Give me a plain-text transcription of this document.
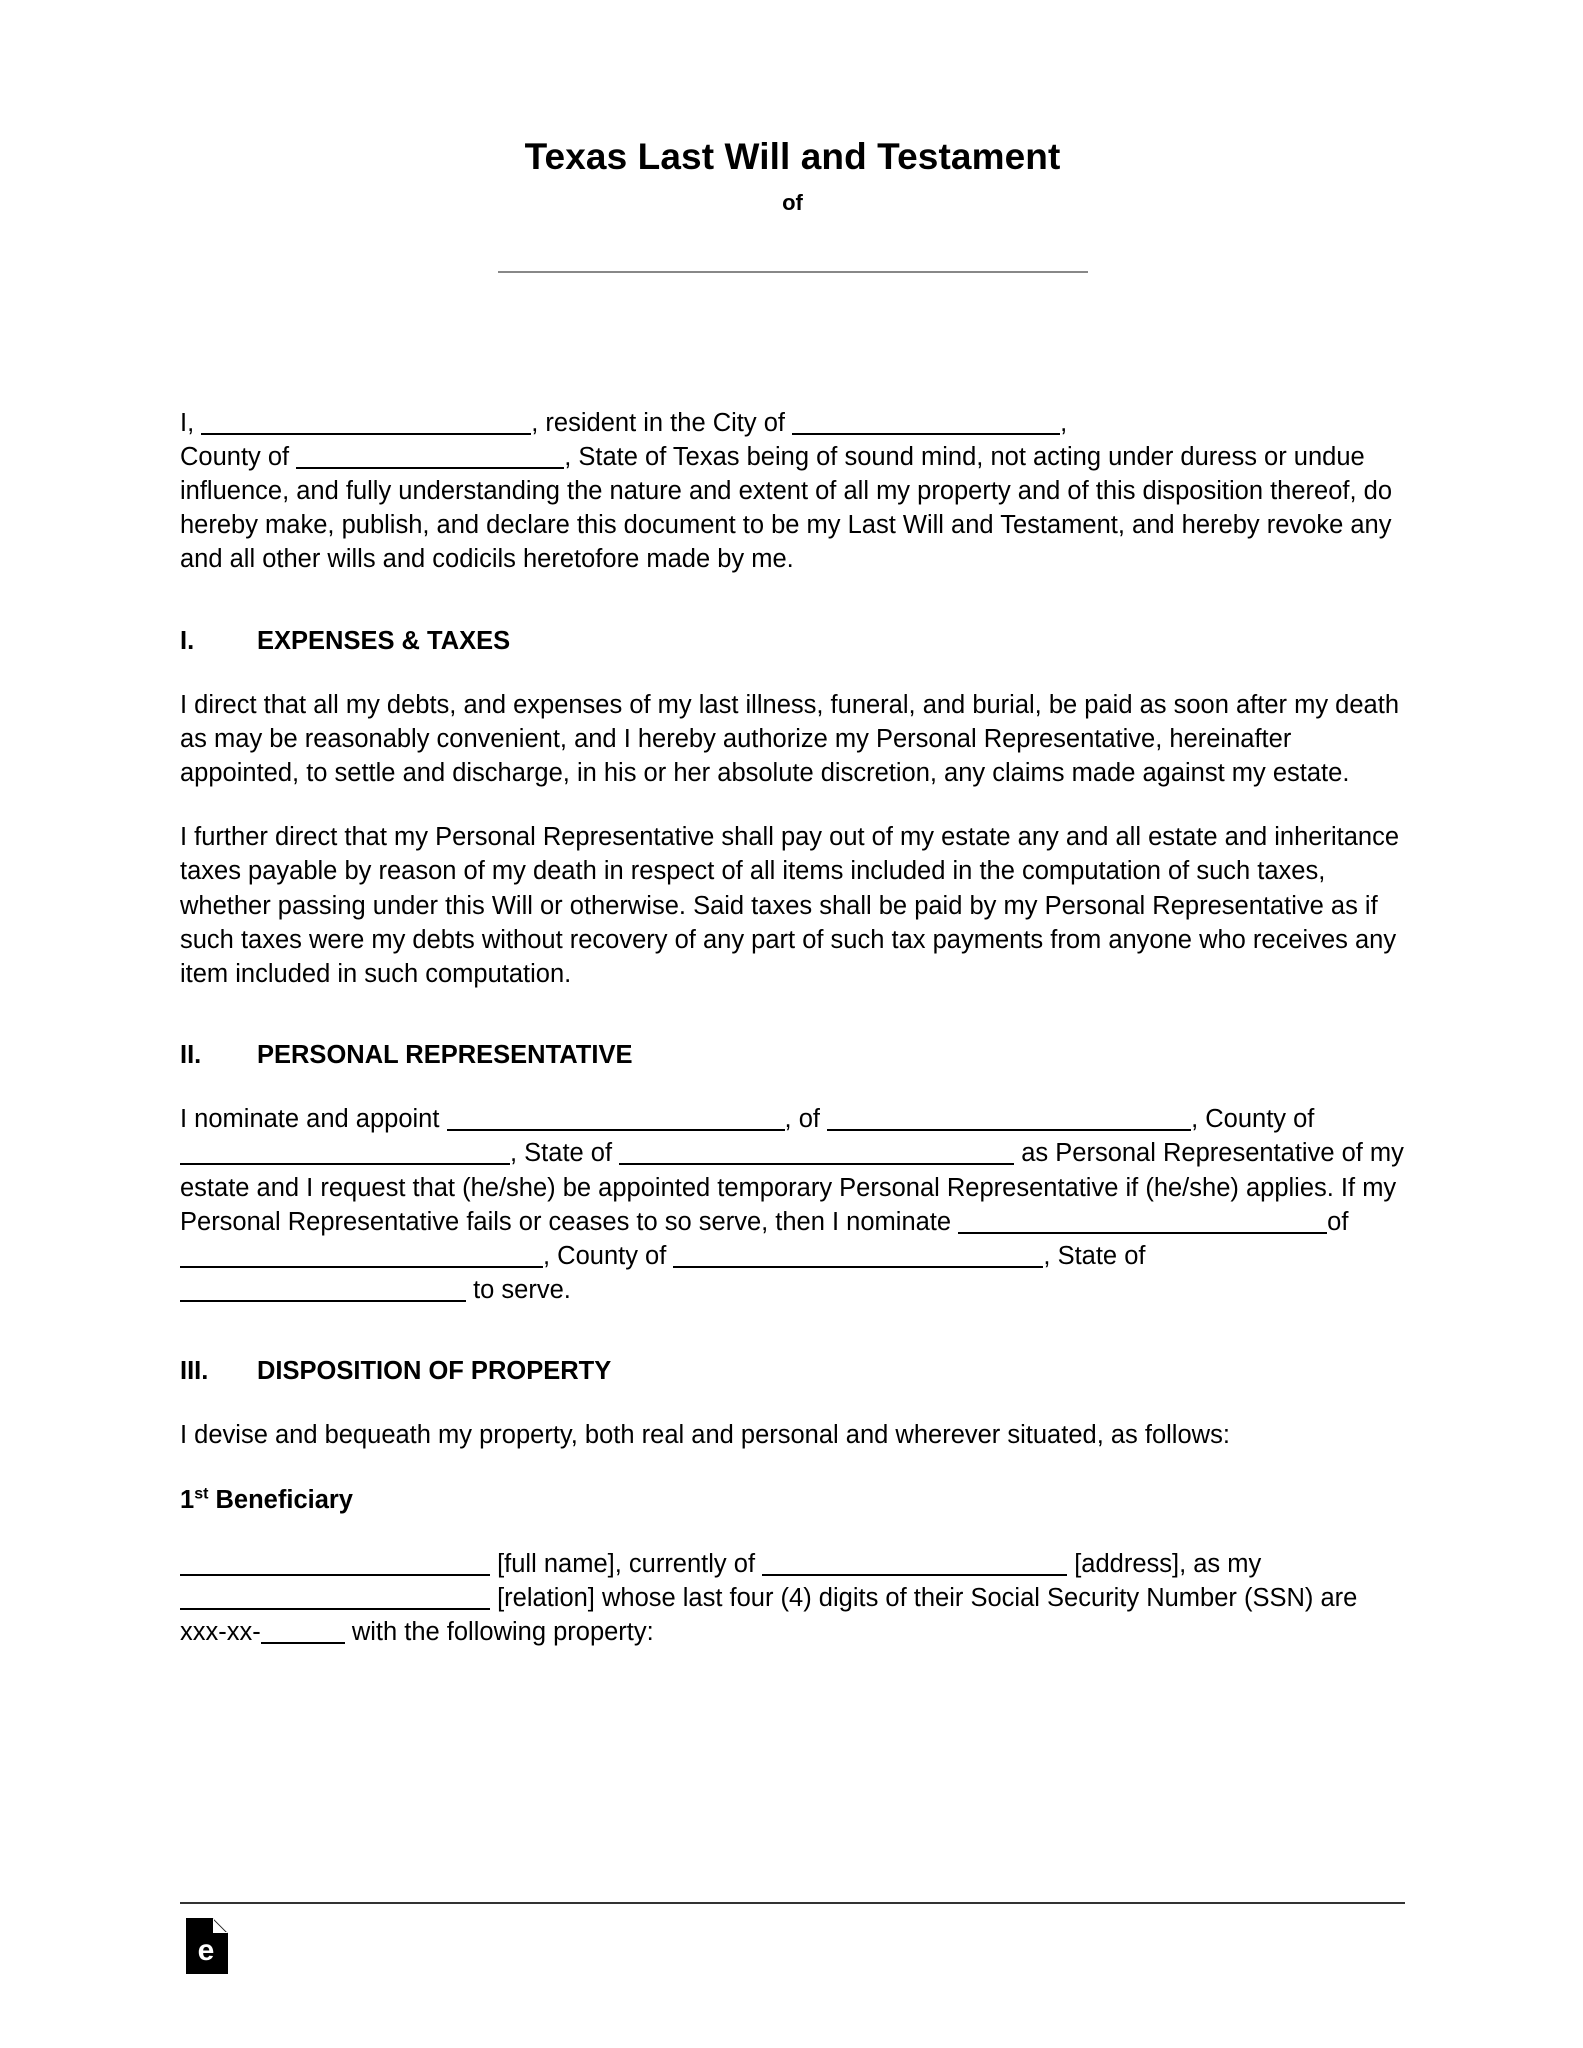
Texas Last Will and Testament

of

I,	, resident in the City of	,
County of	, State of Texas being of sound mind, not acting under duress or undue influence, and fully understanding the nature and extent of all my property and of this disposition thereof, do hereby make, publish, and declare this document to be my Last Will and Testament, and hereby revoke any and all other wills and codicils heretofore made by me.

I. EXPENSES & TAXES

I direct that all my debts, and expenses of my last illness, funeral, and burial, be paid as soon after my death as may be reasonably convenient, and I hereby authorize my Personal Representative, hereinafter appointed, to settle and discharge, in his or her absolute discretion, any claims made against my estate.

I further direct that my Personal Representative shall pay out of my estate any and all estate and inheritance taxes payable by reason of my death in respect of all items included in the computation of such taxes, whether passing under this Will or otherwise. Said taxes shall be paid by my Personal Representative as if such taxes were my debts without recovery of any part of such tax payments from anyone who receives any item included in such computation.

II. PERSONAL REPRESENTATIVE

I nominate and appoint	, of	, County of , State of	as Personal Representative of my estate and I request that (he/she) be appointed temporary Personal Representative if (he/she) applies. If my Personal Representative fails or ceases to so serve, then I nominate	of , County of	, State of  to serve.

III. DISPOSITION OF PROPERTY

I devise and bequeath my property, both real and personal and wherever situated, as follows:

1st Beneficiary

[full name], currently of	[address], as my  [relation] whose last four (4) digits of their Social Security Number (SSN) are xxx-xx-	with the following property:

e
